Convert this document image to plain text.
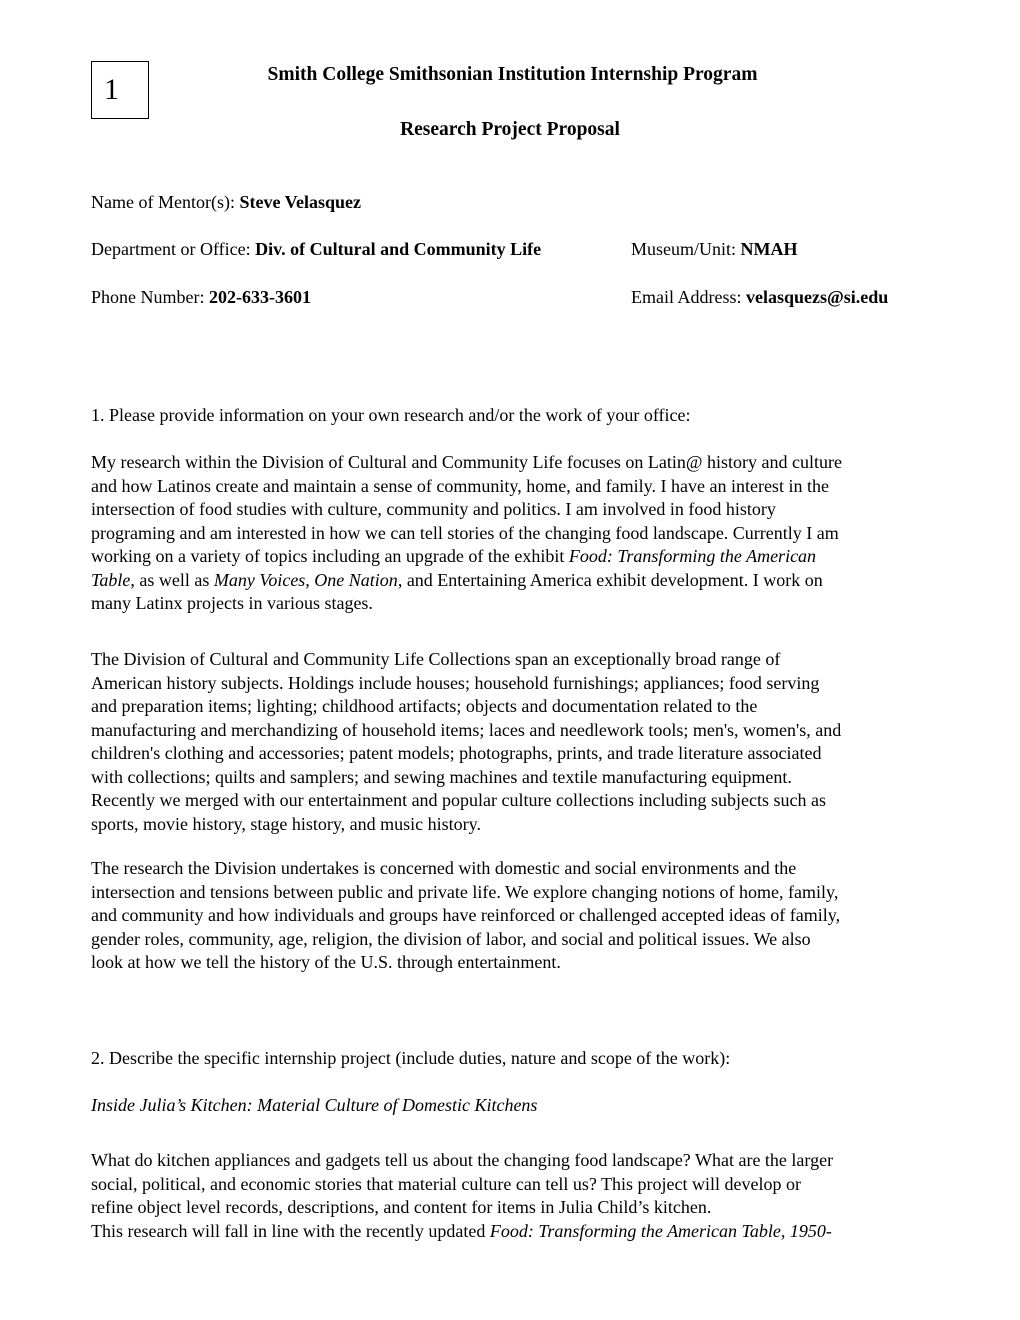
1	Smith College Smithsonian Institution Internship Program
Research Project Proposal
Name of Mentor(s): Steve Velasquez
Department or Office: Div. of Cultural and Community Life	Museum/Unit: NMAH
Phone Number: 202-633-3601	Email Address: velasquezs@si.edu
1. Please provide information on your own research and/or the work of your office:
My research within the Division of Cultural and Community Life focuses on Latin@ history and culture
and how Latinos create and maintain a sense of community, home, and family. I have an interest in the
intersection of food studies with culture, community and politics. I am involved in food history
programing and am interested in how we can tell stories of the changing food landscape. Currently I am
working on a variety of topics including an upgrade of the exhibit Food: Transforming the American
Table, as well as Many Voices, One Nation, and Entertaining America exhibit development. I work on
many Latinx projects in various stages.
The Division of Cultural and Community Life Collections span an exceptionally broad range of
American history subjects. Holdings include houses; household furnishings; appliances; food serving
and preparation items; lighting; childhood artifacts; objects and documentation related to the
manufacturing and merchandizing of household items; laces and needlework tools; men's, women's, and
children's clothing and accessories; patent models; photographs, prints, and trade literature associated
with collections; quilts and samplers; and sewing machines and textile manufacturing equipment.
Recently we merged with our entertainment and popular culture collections including subjects such as
sports, movie history, stage history, and music history.
The research the Division undertakes is concerned with domestic and social environments and the
intersection and tensions between public and private life. We explore changing notions of home, family,
and community and how individuals and groups have reinforced or challenged accepted ideas of family,
gender roles, community, age, religion, the division of labor, and social and political issues. We also
look at how we tell the history of the U.S. through entertainment.
2. Describe the specific internship project (include duties, nature and scope of the work):
Inside Julia’s Kitchen: Material Culture of Domestic Kitchens
What do kitchen appliances and gadgets tell us about the changing food landscape? What are the larger
social, political, and economic stories that material culture can tell us? This project will develop or
refine object level records, descriptions, and content for items in Julia Child’s kitchen.
This research will fall in line with the recently updated Food: Transforming the American Table, 1950-
